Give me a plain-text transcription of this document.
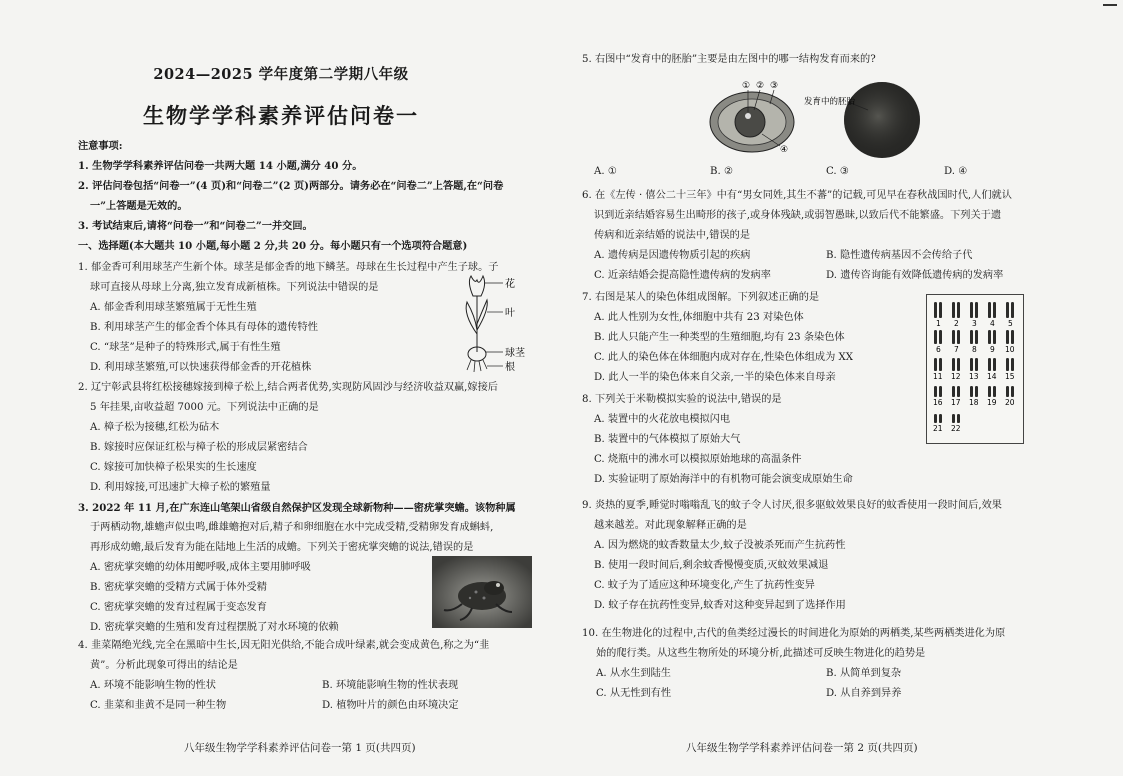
2024—2025 学年度第二学期八年级
生物学学科素养评估问卷一
注意事项:
1. 生物学学科素养评估问卷一共两大题 14 小题,满分 40 分。
2. 评估问卷包括“问卷一”(4 页)和“问卷二”(2 页)两部分。请务必在“问卷二”上答题,在“问卷
一”上答题是无效的。
3. 考试结束后,请将“问卷一”和“问卷二”一并交回。
一、选择题(本大题共 10 小题,每小题 2 分,共 20 分。每小题只有一个选项符合题意)
1. 郁金香可利用球茎产生新个体。球茎是郁金香的地下鳞茎。母球在生长过程中产生子球。子
球可直接从母球上分离,独立发育成新植株。下列说法中错误的是
A. 郁金香利用球茎繁殖属于无性生殖
B. 利用球茎产生的郁金香个体具有母体的遗传特性
C. “球茎”是种子的特殊形式,属于有性生殖
D. 利用球茎繁殖,可以快速获得郁金香的开花植株
花
叶
球茎
根
2. 辽宁彰武县将红松接穗嫁接到樟子松上,结合两者优势,实现防风固沙与经济收益双赢,嫁接后
5 年挂果,亩收益超 7000 元。下列说法中正确的是
A. 樟子松为接穗,红松为砧木
B. 嫁接时应保证红松与樟子松的形成层紧密结合
C. 嫁接可加快樟子松果实的生长速度
D. 利用嫁接,可迅速扩大樟子松的繁殖量
3. 2022 年 11 月,在广东连山笔架山省级自然保护区发现全球新物种——密疣掌突蟾。该物种属
于两栖动物,雄蟾声似虫鸣,雌雄蟾抱对后,精子和卵细胞在水中完成受精,受精卵发育成蝌蚪,
再形成幼蟾,最后发育为能在陆地上生活的成蟾。下列关于密疣掌突蟾的说法,错误的是
A. 密疣掌突蟾的幼体用鳃呼吸,成体主要用肺呼吸
B. 密疣掌突蟾的受精方式属于体外受精
C. 密疣掌突蟾的发育过程属于变态发育
D. 密疣掌突蟾的生殖和发育过程摆脱了对水环境的依赖
4. 韭菜隔绝光线,完全在黑暗中生长,因无阳光供给,不能合成叶绿素,就会变成黄色,称之为“韭
黄”。分析此现象可得出的结论是
A. 环境不能影响生物的性状	B. 环境能影响生物的性状表现
C. 韭菜和韭黄不是同一种生物	D. 植物叶片的颜色由环境决定
八年级生物学学科素养评估问卷一第 1 页(共四页)
5. 右图中“发育中的胚胎”主要是由左图中的哪一结构发育而来的?
① ② ③
④
发育中的胚胎
A. ①	B. ②	C. ③	D. ④
6. 在《左传 · 僖公二十三年》中有“男女同姓,其生不蕃”的记载,可见早在春秋战国时代,人们就认
识到近亲结婚容易生出畸形的孩子,或身体残缺,或弱智愚昧,以致后代不能繁盛。下列关于遗
传病和近亲结婚的说法中,错误的是
A. 遗传病是因遗传物质引起的疾病	B. 隐性遗传病基因不会传给子代
C. 近亲结婚会提高隐性遗传病的发病率	D. 遗传咨询能有效降低遗传病的发病率
7. 右图是某人的染色体组成图解。下列叙述正确的是
A. 此人性别为女性,体细胞中共有 23 对染色体
B. 此人只能产生一种类型的生殖细胞,均有 23 条染色体
C. 此人的染色体在体细胞内成对存在,性染色体组成为 XX
D. 此人一半的染色体来自父亲,一半的染色体来自母亲
1 2 3 4 5
6 7 8 9 10
11 12 13 14 15
16 17 18 19 20
21 22
8. 下列关于米勒模拟实验的说法中,错误的是
A. 装置中的火花放电模拟闪电
B. 装置中的气体模拟了原始大气
C. 烧瓶中的沸水可以模拟原始地球的高温条件
D. 实验证明了原始海洋中的有机物可能会演变成原始生命
9. 炎热的夏季,睡觉时嗡嗡乱飞的蚊子令人讨厌,很多驱蚊效果良好的蚊香使用一段时间后,效果
越来越差。对此现象解释正确的是
A. 因为燃烧的蚊香数量太少,蚊子没被杀死而产生抗药性
B. 使用一段时间后,剩余蚊香慢慢变质,灭蚊效果减退
C. 蚊子为了适应这种环境变化,产生了抗药性变异
D. 蚊子存在抗药性变异,蚊香对这种变异起到了选择作用
10. 在生物进化的过程中,古代的鱼类经过漫长的时间进化为原始的两栖类,某些两栖类进化为原
始的爬行类。从这些生物所处的环境分析,此描述可反映生物进化的趋势是
A. 从水生到陆生	B. 从简单到复杂
C. 从无性到有性	D. 从自养到异养
八年级生物学学科素养评估问卷一第 2 页(共四页)
